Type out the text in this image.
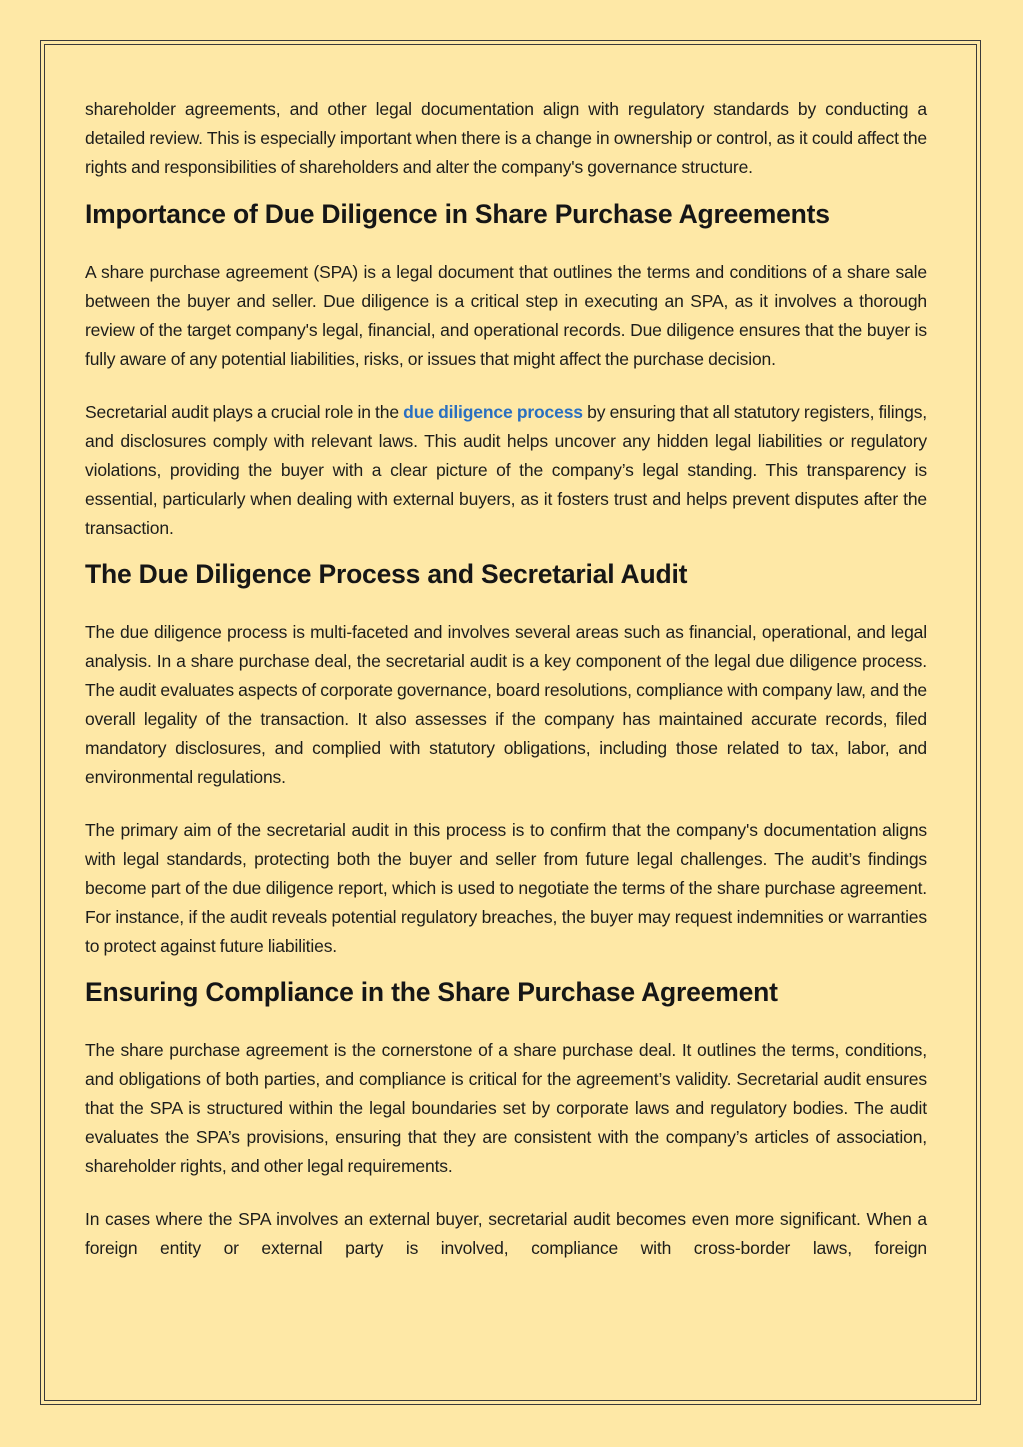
shareholder agreements, and other legal documentation align with regulatory standards by conducting a detailed review. This is especially important when there is a change in ownership or control, as it could affect the rights and responsibilities of shareholders and alter the company's governance structure.

Importance of Due Diligence in Share Purchase Agreements

A share purchase agreement (SPA) is a legal document that outlines the terms and conditions of a share sale between the buyer and seller. Due diligence is a critical step in executing an SPA, as it involves a thorough review of the target company's legal, financial, and operational records. Due diligence ensures that the buyer is fully aware of any potential liabilities, risks, or issues that might affect the purchase decision.

Secretarial audit plays a crucial role in the due diligence process by ensuring that all statutory registers, filings, and disclosures comply with relevant laws. This audit helps uncover any hidden legal liabilities or regulatory violations, providing the buyer with a clear picture of the company’s legal standing. This transparency is essential, particularly when dealing with external buyers, as it fosters trust and helps prevent disputes after the transaction.

The Due Diligence Process and Secretarial Audit

The due diligence process is multi-faceted and involves several areas such as financial, operational, and legal analysis. In a share purchase deal, the secretarial audit is a key component of the legal due diligence process. The audit evaluates aspects of corporate governance, board resolutions, compliance with company law, and the overall legality of the transaction. It also assesses if the company has maintained accurate records, filed mandatory disclosures, and complied with statutory obligations, including those related to tax, labor, and environmental regulations.

The primary aim of the secretarial audit in this process is to confirm that the company's documentation aligns with legal standards, protecting both the buyer and seller from future legal challenges. The audit’s findings become part of the due diligence report, which is used to negotiate the terms of the share purchase agreement. For instance, if the audit reveals potential regulatory breaches, the buyer may request indemnities or warranties to protect against future liabilities.

Ensuring Compliance in the Share Purchase Agreement

The share purchase agreement is the cornerstone of a share purchase deal. It outlines the terms, conditions, and obligations of both parties, and compliance is critical for the agreement’s validity. Secretarial audit ensures that the SPA is structured within the legal boundaries set by corporate laws and regulatory bodies. The audit evaluates the SPA’s provisions, ensuring that they are consistent with the company’s articles of association, shareholder rights, and other legal requirements.

In cases where the SPA involves an external buyer, secretarial audit becomes even more significant. When a foreign entity or external party is involved, compliance with cross-border laws, foreign
